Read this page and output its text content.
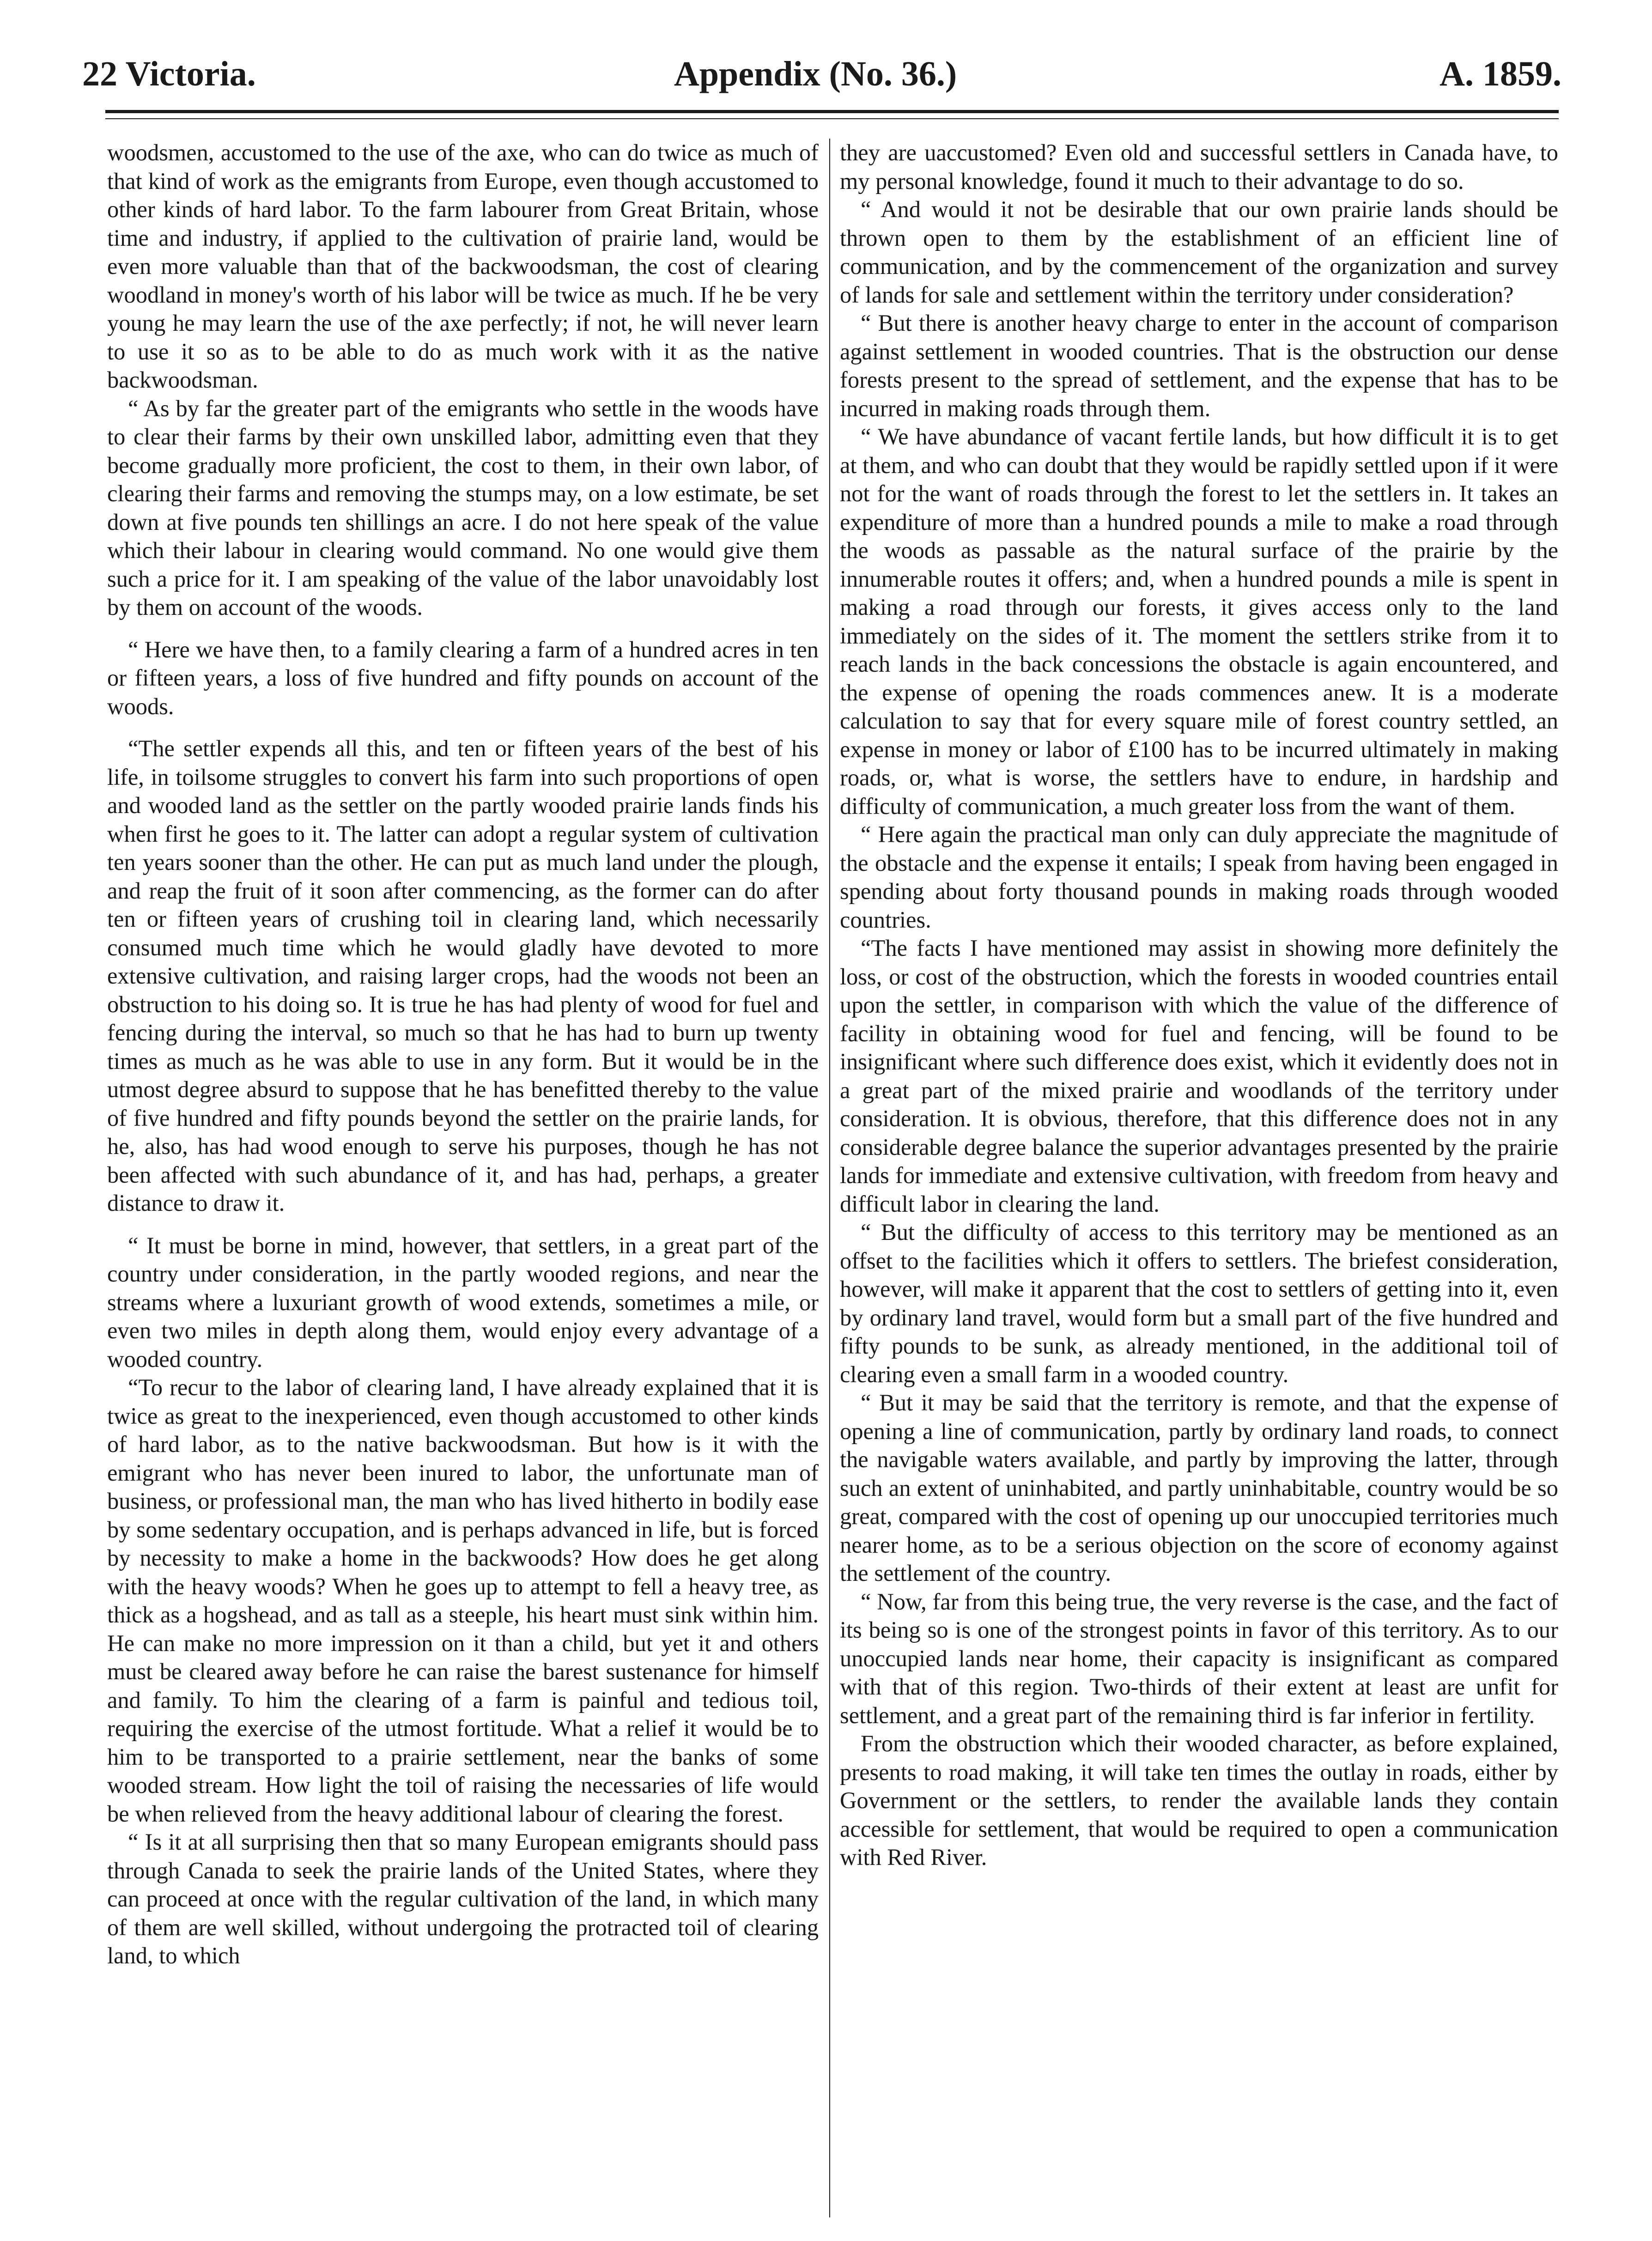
22 Victoria.	Appendix (No. 36.)	A. 1859.

woodsmen, accustomed to the use of the axe, who can do twice as much of that kind of work as the emigrants from Europe, even though accustomed to other kinds of hard labor. To the farm labourer from Great Britain, whose time and industry, if applied to the cultivation of prairie land, would be even more valuable than that of the backwoodsman, the cost of clearing woodland in money's worth of his labor will be twice as much. If he be very young he may learn the use of the axe perfectly; if not, he will never learn to use it so as to be able to do as much work with it as the native backwoodsman.

“ As by far the greater part of the emigrants who settle in the woods have to clear their farms by their own unskilled labor, admitting even that they become gradually more proficient, the cost to them, in their own labor, of clearing their farms and removing the stumps may, on a low estimate, be set down at five pounds ten shillings an acre. I do not here speak of the value which their labour in clearing would command. No one would give them such a price for it. I am speaking of the value of the labor unavoidably lost by them on account of the woods.

“ Here we have then, to a family clearing a farm of a hundred acres in ten or fifteen years, a loss of five hundred and fifty pounds on account of the woods.

“The settler expends all this, and ten or fifteen years of the best of his life, in toilsome struggles to convert his farm into such proportions of open and wooded land as the settler on the partly wooded prairie lands finds his when first he goes to it. The latter can adopt a regular system of cultivation ten years sooner than the other. He can put as much land under the plough, and reap the fruit of it soon after commencing, as the former can do after ten or fifteen years of crushing toil in clearing land, which necessarily consumed much time which he would gladly have devoted to more extensive cultivation, and raising larger crops, had the woods not been an obstruction to his doing so. It is true he has had plenty of wood for fuel and fencing during the interval, so much so that he has had to burn up twenty times as much as he was able to use in any form. But it would be in the utmost degree absurd to suppose that he has benefitted thereby to the value of five hundred and fifty pounds beyond the settler on the prairie lands, for he, also, has had wood enough to serve his purposes, though he has not been affected with such abundance of it, and has had, perhaps, a greater distance to draw it.

“ It must be borne in mind, however, that settlers, in a great part of the country under consideration, in the partly wooded regions, and near the streams where a luxuriant growth of wood extends, sometimes a mile, or even two miles in depth along them, would enjoy every advantage of a wooded country.

“To recur to the labor of clearing land, I have already explained that it is twice as great to the inexperienced, even though accustomed to other kinds of hard labor, as to the native backwoodsman. But how is it with the emigrant who has never been inured to labor, the unfortunate man of business, or professional man, the man who has lived hitherto in bodily ease by some sedentary occupation, and is perhaps advanced in life, but is forced by necessity to make a home in the backwoods? How does he get along with the heavy woods? When he goes up to attempt to fell a heavy tree, as thick as a hogshead, and as tall as a steeple, his heart must sink within him. He can make no more impression on it than a child, but yet it and others must be cleared away before he can raise the barest sustenance for himself and family. To him the clearing of a farm is painful and tedious toil, requiring the exercise of the utmost fortitude. What a relief it would be to him to be transported to a prairie settlement, near the banks of some wooded stream. How light the toil of raising the necessaries of life would be when relieved from the heavy additional labour of clearing the forest.

“ Is it at all surprising then that so many European emigrants should pass through Canada to seek the prairie lands of the United States, where they can proceed at once with the regular cultivation of the land, in which many of them are well skilled, without undergoing the protracted toil of clearing land, to which

they are uaccustomed? Even old and successful settlers in Canada have, to my personal knowledge, found it much to their advantage to do so.

“ And would it not be desirable that our own prairie lands should be thrown open to them by the establishment of an efficient line of communication, and by the commencement of the organization and survey of lands for sale and settlement within the territory under consideration?

“ But there is another heavy charge to enter in the account of comparison against settlement in wooded countries. That is the obstruction our dense forests present to the spread of settlement, and the expense that has to be incurred in making roads through them.

“ We have abundance of vacant fertile lands, but how difficult it is to get at them, and who can doubt that they would be rapidly settled upon if it were not for the want of roads through the forest to let the settlers in. It takes an expenditure of more than a hundred pounds a mile to make a road through the woods as passable as the natural surface of the prairie by the innumerable routes it offers; and, when a hundred pounds a mile is spent in making a road through our forests, it gives access only to the land immediately on the sides of it. The moment the settlers strike from it to reach lands in the back concessions the obstacle is again encountered, and the expense of opening the roads commences anew. It is a moderate calculation to say that for every square mile of forest country settled, an expense in money or labor of £100 has to be incurred ultimately in making roads, or, what is worse, the settlers have to endure, in hardship and difficulty of communication, a much greater loss from the want of them.

“ Here again the practical man only can duly appreciate the magnitude of the obstacle and the expense it entails; I speak from having been engaged in spending about forty thousand pounds in making roads through wooded countries.

“The facts I have mentioned may assist in showing more definitely the loss, or cost of the obstruction, which the forests in wooded countries entail upon the settler, in comparison with which the value of the difference of facility in obtaining wood for fuel and fencing, will be found to be insignificant where such difference does exist, which it evidently does not in a great part of the mixed prairie and woodlands of the territory under consideration. It is obvious, therefore, that this difference does not in any considerable degree balance the superior advantages presented by the prairie lands for immediate and extensive cultivation, with freedom from heavy and difficult labor in clearing the land.

“ But the difficulty of access to this territory may be mentioned as an offset to the facilities which it offers to settlers. The briefest consideration, however, will make it apparent that the cost to settlers of getting into it, even by ordinary land travel, would form but a small part of the five hundred and fifty pounds to be sunk, as already mentioned, in the additional toil of clearing even a small farm in a wooded country.

“ But it may be said that the territory is remote, and that the expense of opening a line of communication, partly by ordinary land roads, to connect the navigable waters available, and partly by improving the latter, through such an extent of uninhabited, and partly uninhabitable, country would be so great, compared with the cost of opening up our unoccupied territories much nearer home, as to be a serious objection on the score of economy against the settlement of the country.

“ Now, far from this being true, the very reverse is the case, and the fact of its being so is one of the strongest points in favor of this territory. As to our unoccupied lands near home, their capacity is insignificant as compared with that of this region. Two-thirds of their extent at least are unfit for settlement, and a great part of the remaining third is far inferior in fertility.

From the obstruction which their wooded character, as before explained, presents to road making, it will take ten times the outlay in roads, either by Government or the settlers, to render the available lands they contain accessible for settlement, that would be required to open a communication with Red River.
